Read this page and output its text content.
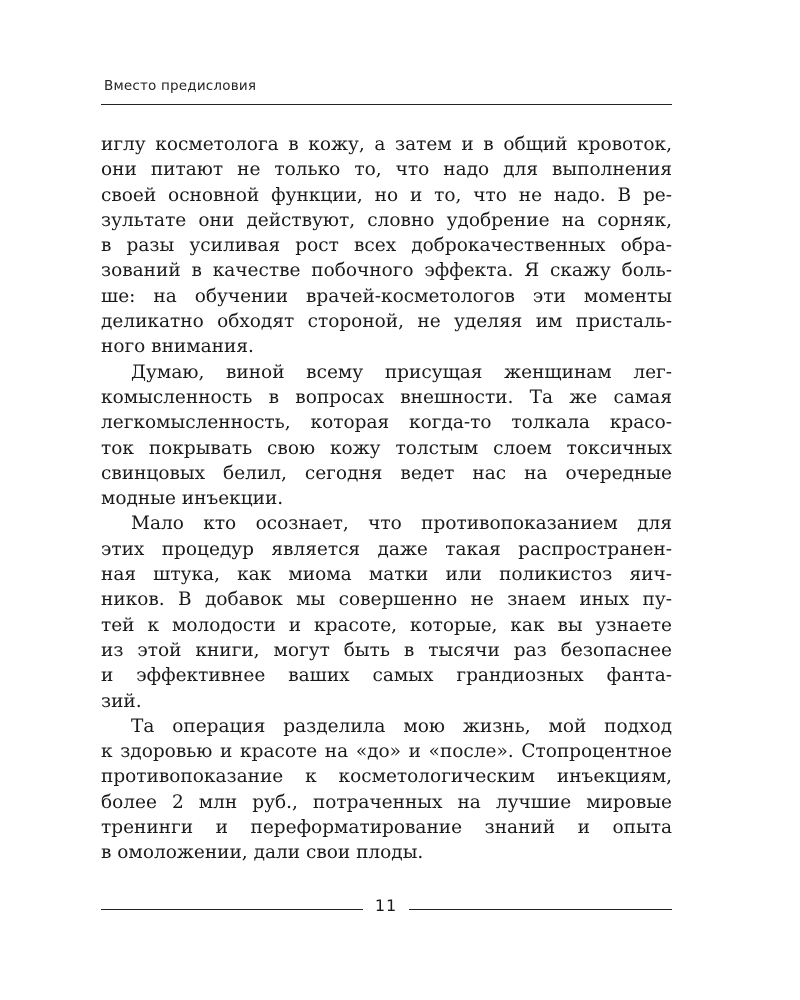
Вместо предисловия
иглу косметолога в кожу, а затем и в общий кровоток,
они питают не только то, что надо для выполнения
своей основной функции, но и то, что не надо. В ре-
зультате они действуют, словно удобрение на сорняк,
в разы усиливая рост всех доброкачественных обра-
зований в качестве побочного эффекта. Я скажу боль-
ше: на обучении врачей-косметологов эти моменты
деликатно обходят стороной, не уделяя им присталь-
ного внимания.
Думаю, виной всему присущая женщинам лег-
комысленность в вопросах внешности. Та же самая
легкомысленность, которая когда-то толкала красо-
ток покрывать свою кожу толстым слоем токсичных
свинцовых белил, сегодня ведет нас на очередные
модные инъекции.
Мало кто осознает, что противопоказанием для
этих процедур является даже такая распространен-
ная штука, как миома матки или поликистоз яич-
ников. В добавок мы совершенно не знаем иных пу-
тей к молодости и красоте, которые, как вы узнаете
из этой книги, могут быть в тысячи раз безопаснее
и эффективнее ваших самых грандиозных фанта-
зий.
Та операция разделила мою жизнь, мой подход
к здоровью и красоте на «до» и «после». Стопроцентное
противопоказание к косметологическим инъекциям,
более 2 млн руб., потраченных на лучшие мировые
тренинги и переформатирование знаний и опыта
в омоложении, дали свои плоды.
11
